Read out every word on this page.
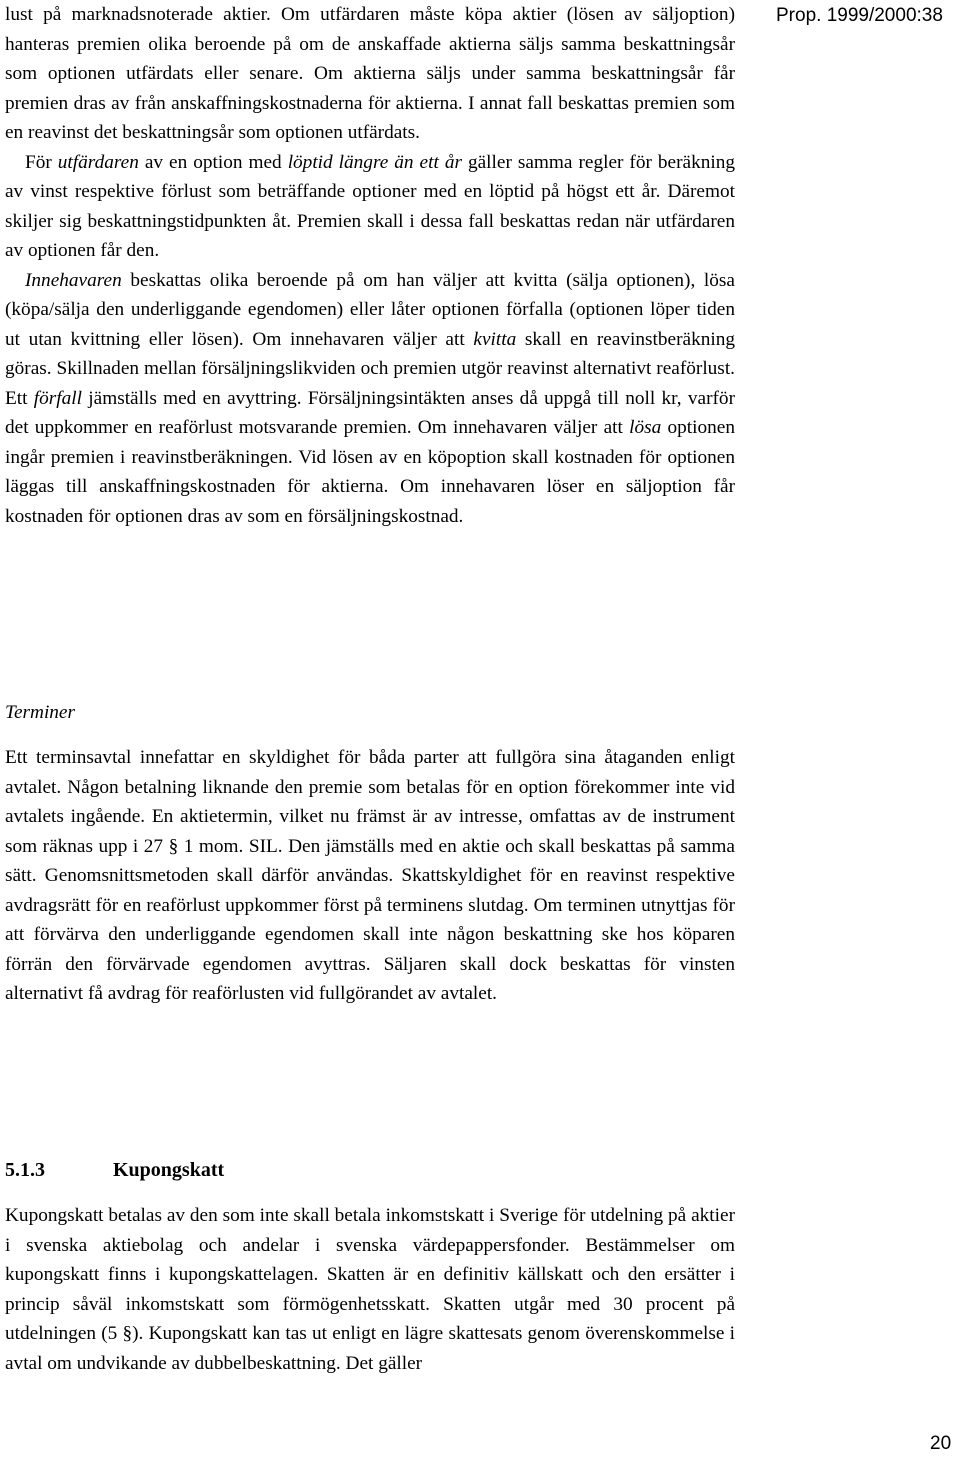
Prop. 1999/2000:38

lust på marknadsnoterade aktier. Om utfärdaren måste köpa aktier (lösen av säljoption) hanteras premien olika beroende på om de anskaffade aktierna säljs samma beskattningsår som optionen utfärdats eller senare. Om aktierna säljs under samma beskattningsår får premien dras av från anskaffningskostnaderna för aktierna. I annat fall beskattas premien som en reavinst det beskattningsår som optionen utfärdats.

För utfärdaren av en option med löptid längre än ett år gäller samma regler för beräkning av vinst respektive förlust som beträffande optioner med en löptid på högst ett år. Däremot skiljer sig beskattningstidpunkten åt. Premien skall i dessa fall beskattas redan när utfärdaren av optionen får den.

Innehavaren beskattas olika beroende på om han väljer att kvitta (sälja optionen), lösa (köpa/sälja den underliggande egendomen) eller låter optionen förfalla (optionen löper tiden ut utan kvittning eller lösen). Om innehavaren väljer att kvitta skall en reavinstberäkning göras. Skillnaden mellan försäljningslikviden och premien utgör reavinst alternativt reaförlust. Ett förfall jämställs med en avyttring. Försäljningsintäkten anses då uppgå till noll kr, varför det uppkommer en reaförlust motsvarande premien. Om innehavaren väljer att lösa optionen ingår premien i reavinstberäkningen. Vid lösen av en köpoption skall kostnaden för optionen läggas till anskaffningskostnaden för aktierna. Om innehavaren löser en säljoption får kostnaden för optionen dras av som en försäljningskostnad.

Terminer

Ett terminsavtal innefattar en skyldighet för båda parter att fullgöra sina åtaganden enligt avtalet. Någon betalning liknande den premie som betalas för en option förekommer inte vid avtalets ingående. En aktietermin, vilket nu främst är av intresse, omfattas av de instrument som räknas upp i 27 § 1 mom. SIL. Den jämställs med en aktie och skall beskattas på samma sätt. Genomsnittsmetoden skall därför användas. Skattskyldighet för en reavinst respektive avdragsrätt för en reaförlust uppkommer först på terminens slutdag. Om terminen utnyttjas för att förvärva den underliggande egendomen skall inte någon beskattning ske hos köparen förrän den förvärvade egendomen avyttras. Säljaren skall dock beskattas för vinsten alternativt få avdrag för reaförlusten vid fullgörandet av avtalet.

5.1.3	Kupongskatt

Kupongskatt betalas av den som inte skall betala inkomstskatt i Sverige för utdelning på aktier i svenska aktiebolag och andelar i svenska värdepappersfonder. Bestämmelser om kupongskatt finns i kupongskattelagen. Skatten är en definitiv källskatt och den ersätter i princip såväl inkomstskatt som förmögenhetsskatt. Skatten utgår med 30 procent på utdelningen (5 §). Kupongskatt kan tas ut enligt en lägre skattesats genom överenskommelse i avtal om undvikande av dubbelbeskattning. Det gäller

20
